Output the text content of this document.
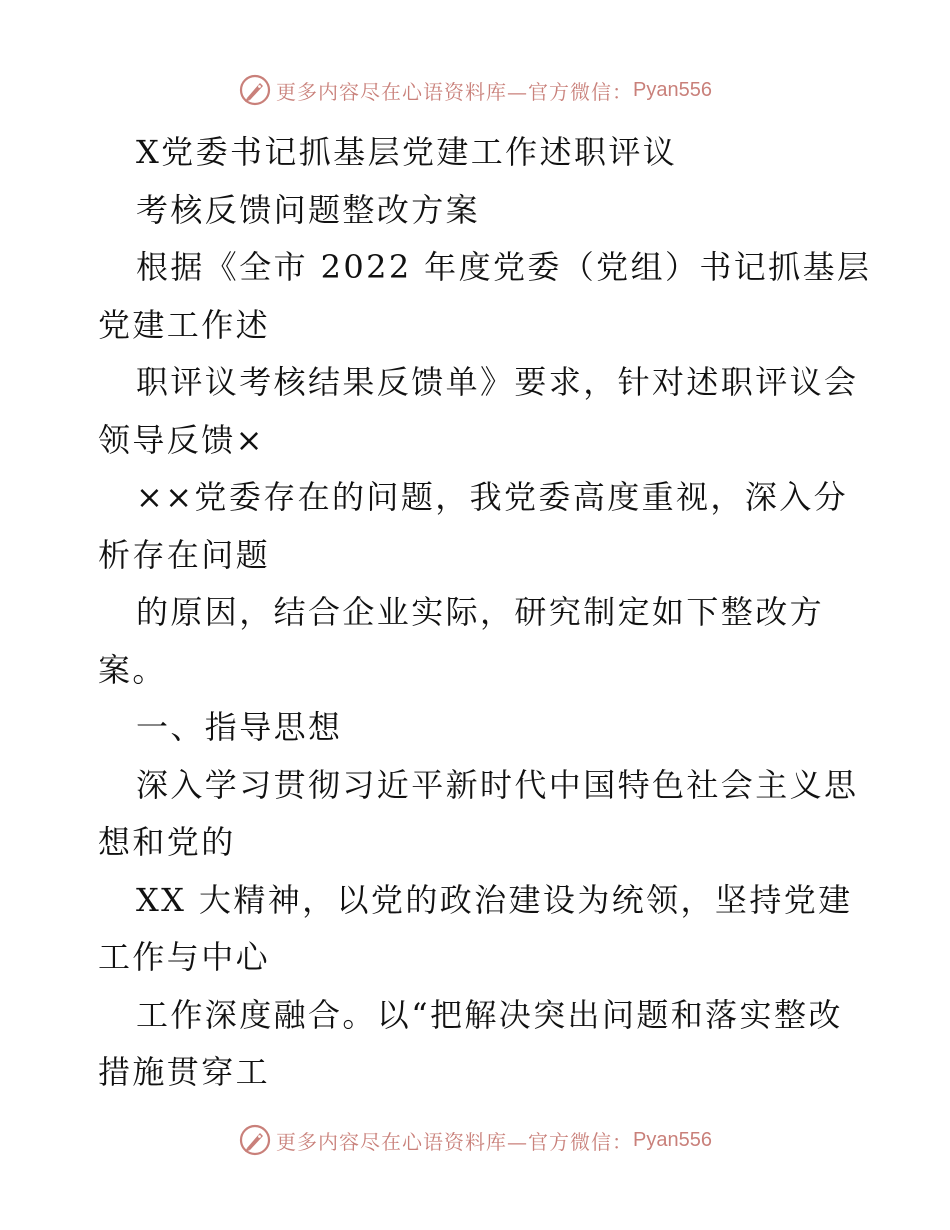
更多内容尽在心语资料库—官方微信： Pyan556
X党委书记抓基层党建工作述职评议
考核反馈问题整改方案
根据《全市 2022 年度党委（党组）书记抓基层
党建工作述
职评议考核结果反馈单》要求，针对述职评议会
领导反馈×
××党委存在的问题，我党委高度重视，深入分
析存在问题
的原因，结合企业实际，研究制定如下整改方
案。
一、指导思想
深入学习贯彻习近平新时代中国特色社会主义思
想和党的
XX 大精神，以党的政治建设为统领，坚持党建
工作与中心
工作深度融合。以“把解决突出问题和落实整改
措施贯穿工
更多内容尽在心语资料库—官方微信： Pyan556
